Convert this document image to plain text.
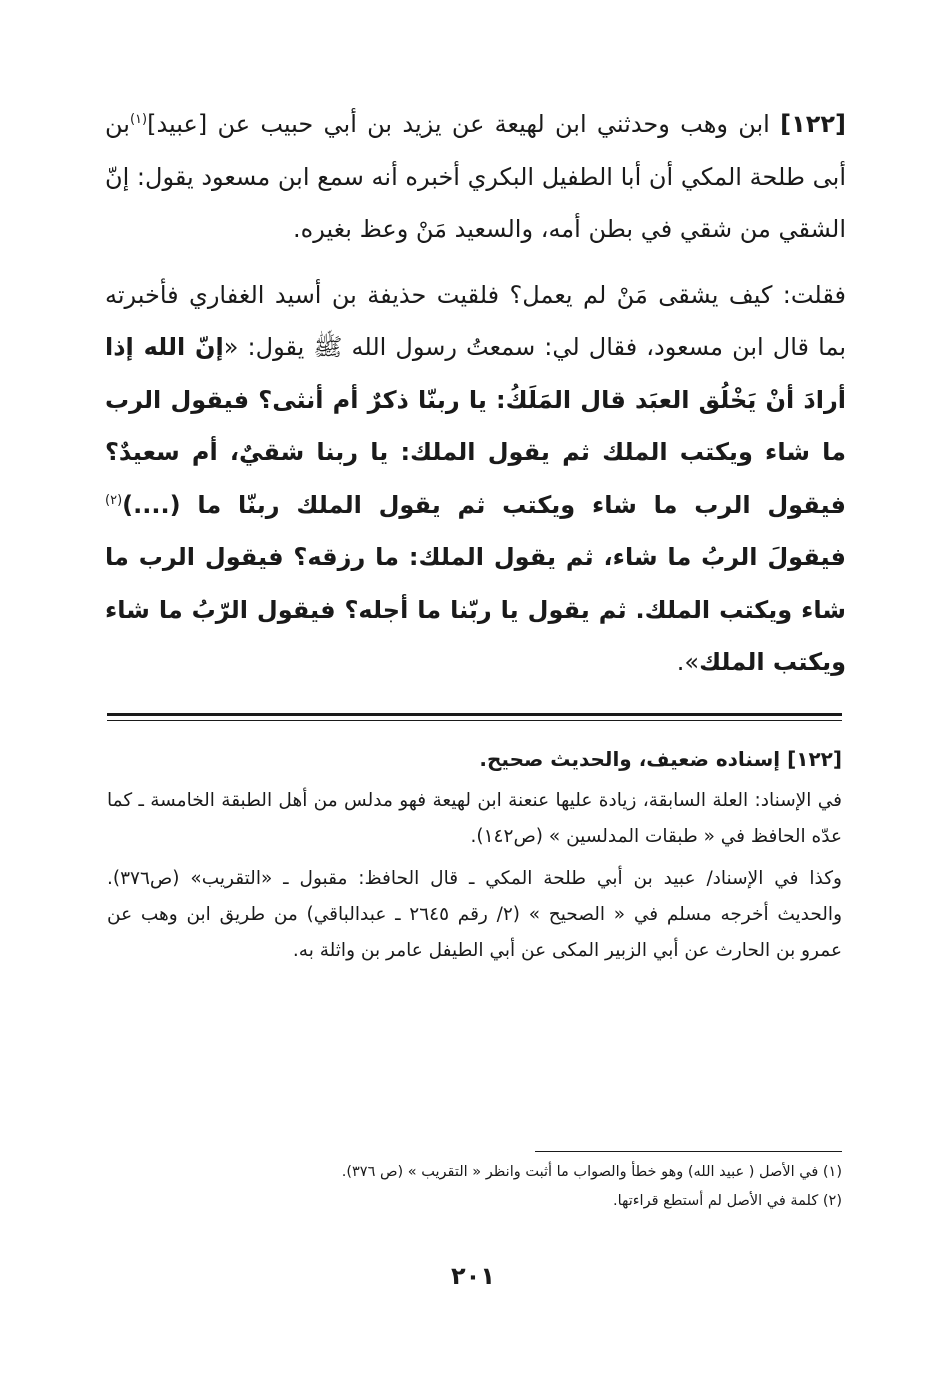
[١٢٢] ابن وهب وحدثني ابن لهيعة عن يزيد بن أبي حبيب عن [عبيد]$^{(١)}$بن أبى طلحة المكي أن أبا الطفيل البكري أخبره أنه سمع ابن مسعود يقول: إنّ الشقي من شقي في بطن أمه، والسعيد مَنْ وعظ بغيره.

فقلت: كيف يشقى مَنْ لم يعمل؟ فلقيت حذيفة بن أسيد الغفاري فأخبرته بما قال ابن مسعود، فقال لي: سمعتُ رسول الله ﷺ يقول: «إنّ الله إذا أرادَ أنْ يَخْلُق العبَد قال المَلَكُ: يا ربنّا ذكرٌ أم أنثى؟ فيقول الرب ما شاء ويكتب الملك ثم يقول الملك: يا ربنا شقيٌ، أم سعيدٌ؟ فيقول الرب ما شاء ويكتب ثم يقول الملك ربنّا ما (....)$^{(٢)}$ فيقولَ الربُ ما شاء، ثم يقول الملك: ما رزقه؟ فيقول الرب ما شاء ويكتب الملك. ثم يقول يا ربّنا ما أجله؟ فيقول الرّبُ ما شاء ويكتب الملك».

[١٢٢] إسناده ضعيف، والحديث صحيح.

في الإسناد: العلة السابقة، زيادة عليها عنعنة ابن لهيعة فهو مدلس من أهل الطبقة الخامسة ـ كما عدّه الحافظ في « طبقات المدلسين » (ص١٤٢).

وكذا في الإسناد/ عبيد بن أبي طلحة المكي ـ قال الحافظ: مقبول ـ «التقريب» (ص٣٧٦). والحديث أخرجه مسلم في « الصحيح » (٢/ رقم ٢٦٤٥ ـ عبدالباقي) من طريق ابن وهب عن عمرو بن الحارث عن أبي الزبير المكى عن أبي الطيفل عامر بن واثلة به.

(١) في الأصل ( عبيد الله) وهو خطأ والصواب ما أثبت وانظر « التقريب » (ص ٣٧٦).

(٢) كلمة في الأصل لم أستطع قراءتها.

٢٠١
